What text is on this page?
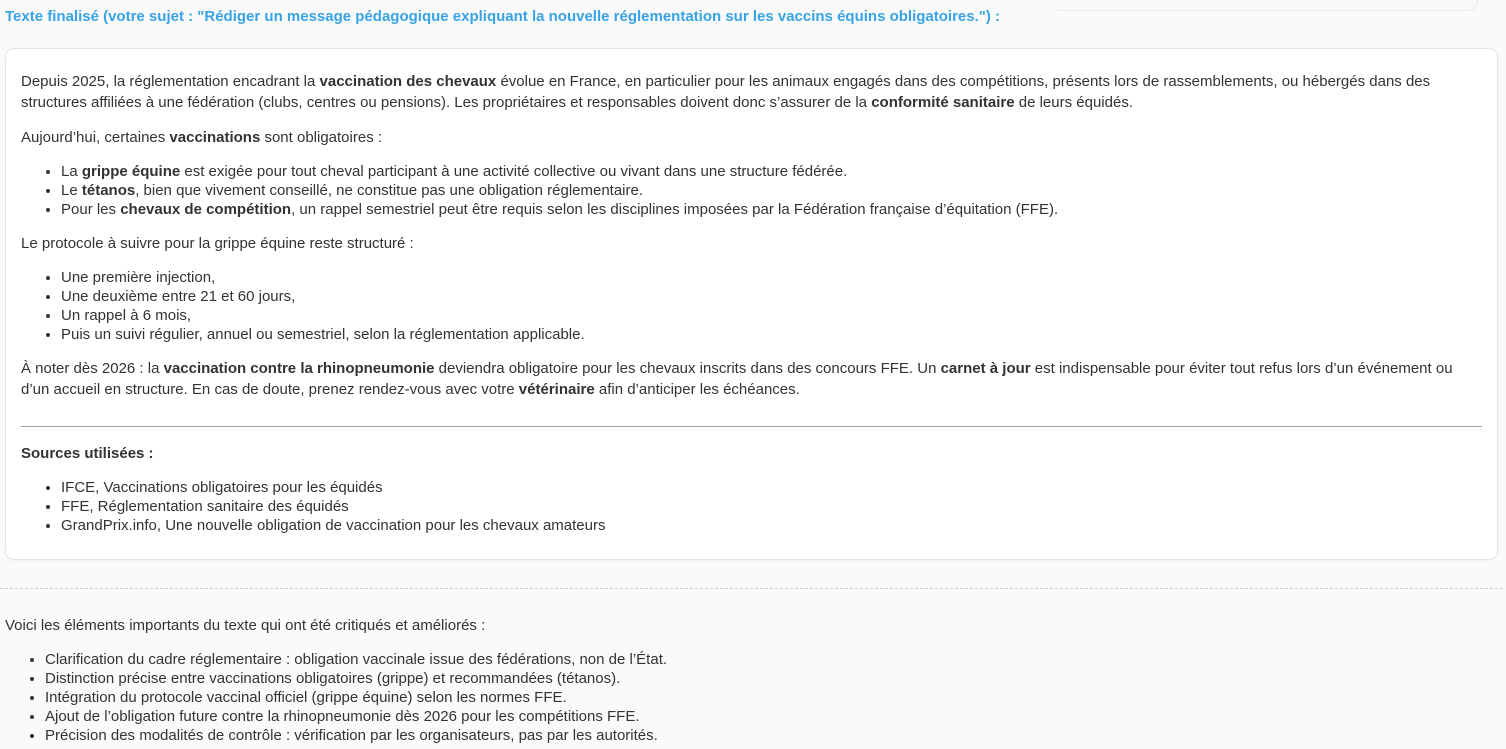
Texte finalisé (votre sujet : "Rédiger un message pédagogique expliquant la nouvelle réglementation sur les vaccins équins obligatoires.") :

Depuis 2025, la réglementation encadrant la vaccination des chevaux évolue en France, en particulier pour les animaux engagés dans des compétitions, présents lors de rassemblements, ou hébergés dans des structures affiliées à une fédération (clubs, centres ou pensions). Les propriétaires et responsables doivent donc s’assurer de la conformité sanitaire de leurs équidés.

Aujourd’hui, certaines vaccinations sont obligatoires :

• La grippe équine est exigée pour tout cheval participant à une activité collective ou vivant dans une structure fédérée.
• Le tétanos, bien que vivement conseillé, ne constitue pas une obligation réglementaire.
• Pour les chevaux de compétition, un rappel semestriel peut être requis selon les disciplines imposées par la Fédération française d’équitation (FFE).

Le protocole à suivre pour la grippe équine reste structuré :

• Une première injection,
• Une deuxième entre 21 et 60 jours,
• Un rappel à 6 mois,
• Puis un suivi régulier, annuel ou semestriel, selon la réglementation applicable.

À noter dès 2026 : la vaccination contre la rhinopneumonie deviendra obligatoire pour les chevaux inscrits dans des concours FFE. Un carnet à jour est indispensable pour éviter tout refus lors d’un événement ou d’un accueil en structure. En cas de doute, prenez rendez-vous avec votre vétérinaire afin d’anticiper les échéances.

Sources utilisées :

• IFCE, Vaccinations obligatoires pour les équidés
• FFE, Réglementation sanitaire des équidés
• GrandPrix.info, Une nouvelle obligation de vaccination pour les chevaux amateurs

Voici les éléments importants du texte qui ont été critiqués et améliorés :

• Clarification du cadre réglementaire : obligation vaccinale issue des fédérations, non de l’État.
• Distinction précise entre vaccinations obligatoires (grippe) et recommandées (tétanos).
• Intégration du protocole vaccinal officiel (grippe équine) selon les normes FFE.
• Ajout de l’obligation future contre la rhinopneumonie dès 2026 pour les compétitions FFE.
• Précision des modalités de contrôle : vérification par les organisateurs, pas par les autorités.
